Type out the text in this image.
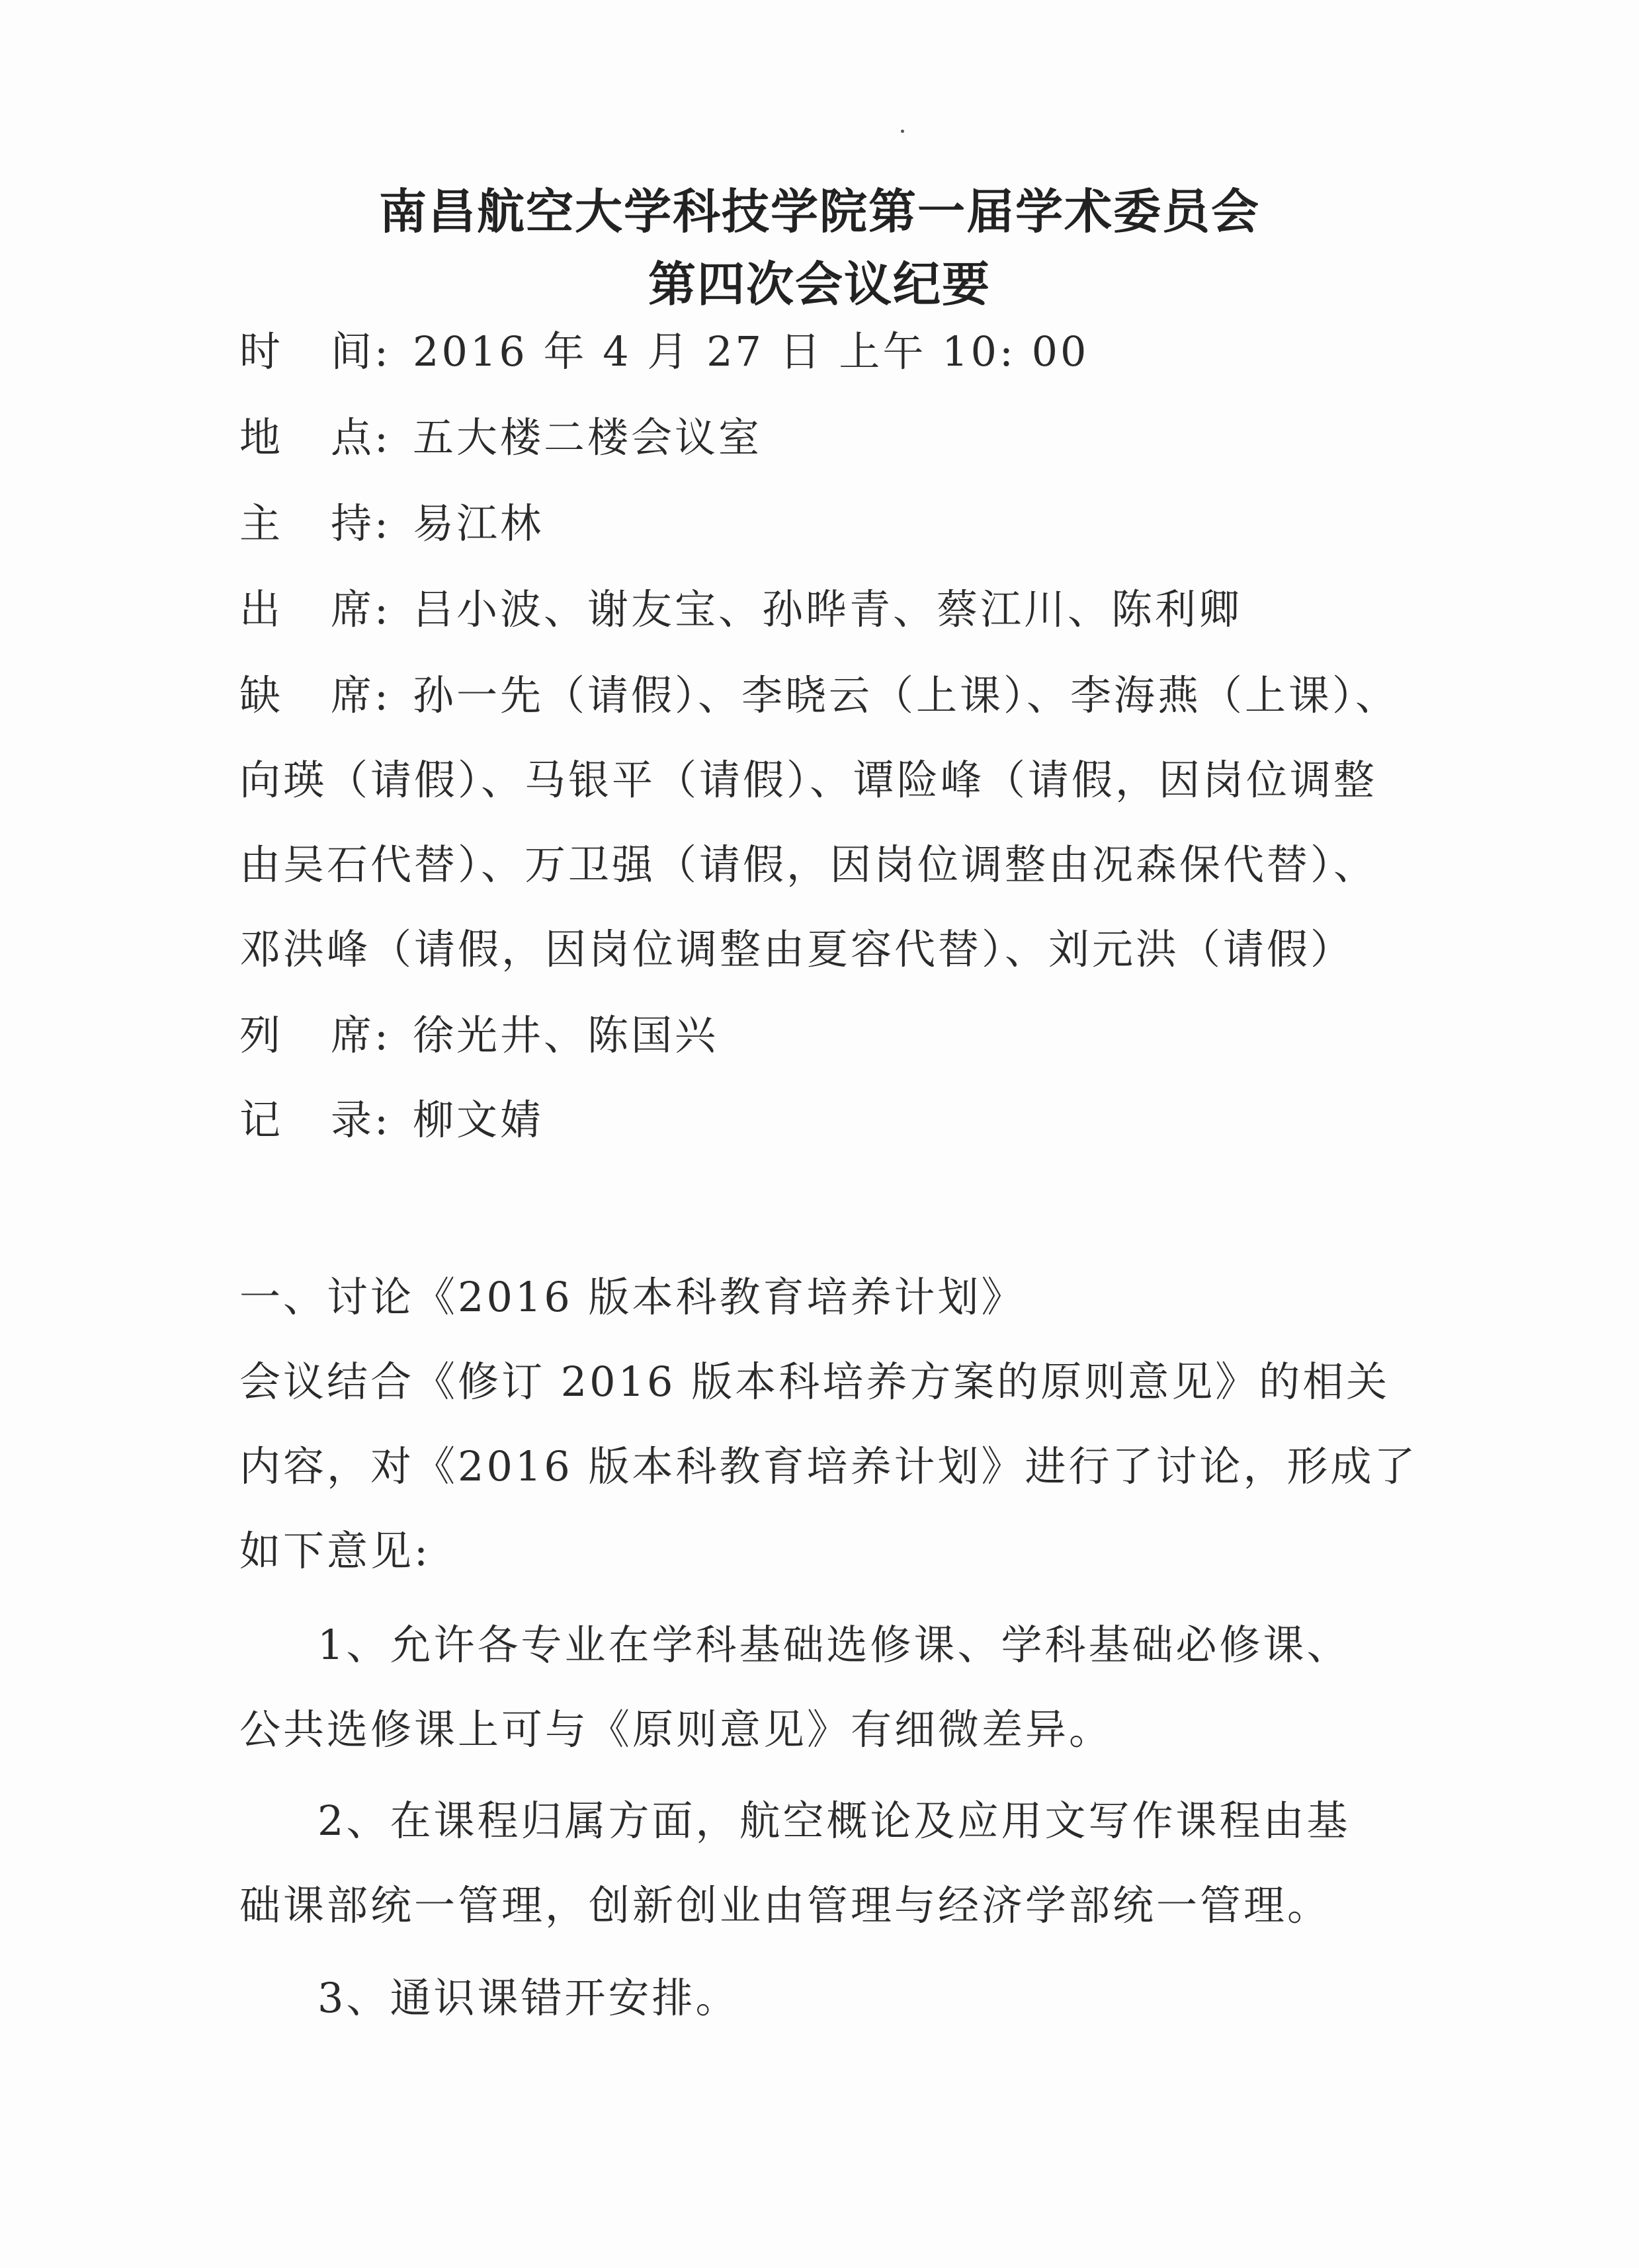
南昌航空大学科技学院第一届学术委员会
第四次会议纪要
时 间: 2016 年 4 月 27 日 上午 10: 00
地 点: 五大楼二楼会议室
主 持: 易江林
出 席: 吕小波、谢友宝、孙晔青、蔡江川、陈利卿
缺 席: 孙一先（请假）、李晓云（上课）、李海燕（上课）、
向瑛（请假）、马银平（请假）、谭险峰（请假，因岗位调整
由吴石代替）、万卫强（请假，因岗位调整由况森保代替）、
邓洪峰（请假，因岗位调整由夏容代替）、刘元洪（请假）
列 席: 徐光井、陈国兴
记 录: 柳文婧
一、讨论《2016 版本科教育培养计划》
会议结合《修订 2016 版本科培养方案的原则意见》的相关
内容，对《2016 版本科教育培养计划》进行了讨论，形成了
如下意见:
1、允许各专业在学科基础选修课、学科基础必修课、
公共选修课上可与《原则意见》有细微差异。
2、在课程归属方面，航空概论及应用文写作课程由基
础课部统一管理，创新创业由管理与经济学部统一管理。
3、通识课错开安排。
